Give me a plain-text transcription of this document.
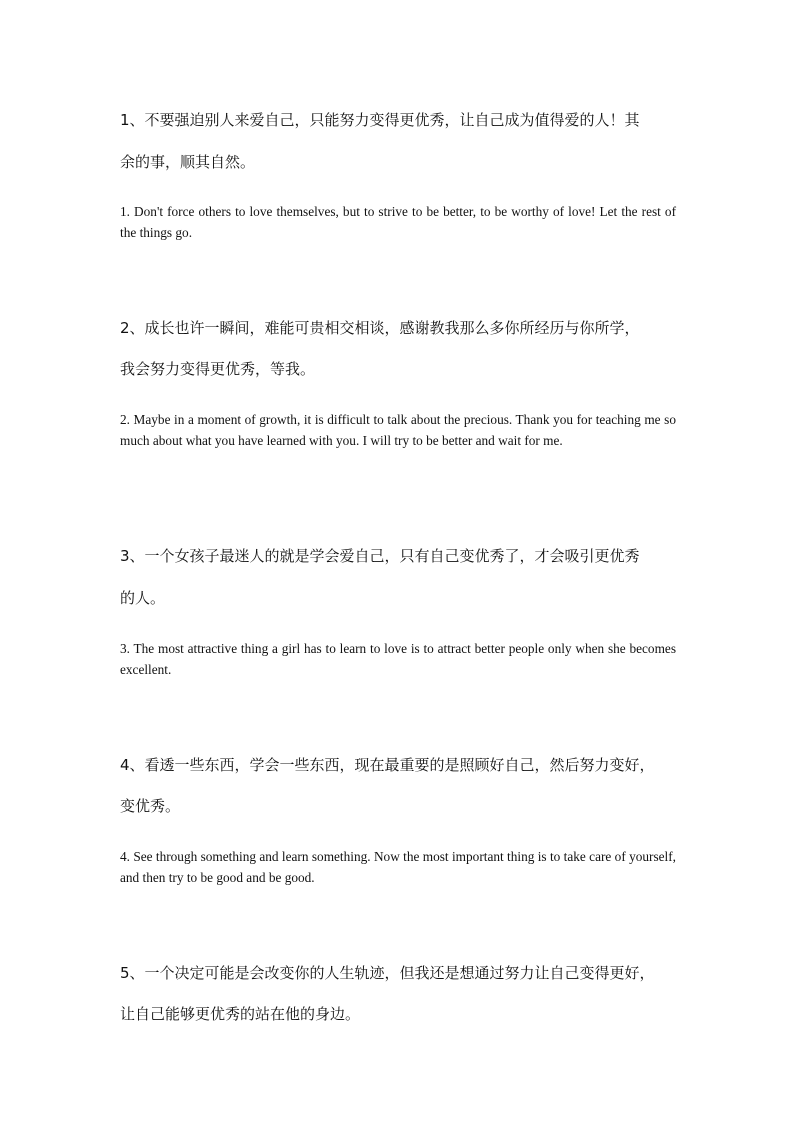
1、不要强迫别人来爱自己，只能努力变得更优秀，让自己成为值得爱的人！其
余的事，顺其自然。
1. Don't force others to love themselves, but to strive to be better, to be worthy of love! Let the rest of the things go.
2、成长也许一瞬间，难能可贵相交相谈，感谢教我那么多你所经历与你所学，
我会努力变得更优秀，等我。
2. Maybe in a moment of growth, it is difficult to talk about the precious. Thank you for teaching me so much about what you have learned with you. I will try to be better and wait for me.
3、一个女孩子最迷人的就是学会爱自己，只有自己变优秀了，才会吸引更优秀
的人。
3. The most attractive thing a girl has to learn to love is to attract better people only when she becomes excellent.
4、看透一些东西，学会一些东西，现在最重要的是照顾好自己，然后努力变好，
变优秀。
4. See through something and learn something. Now the most important thing is to take care of yourself, and then try to be good and be good.
5、一个决定可能是会改变你的人生轨迹，但我还是想通过努力让自己变得更好，
让自己能够更优秀的站在他的身边。
